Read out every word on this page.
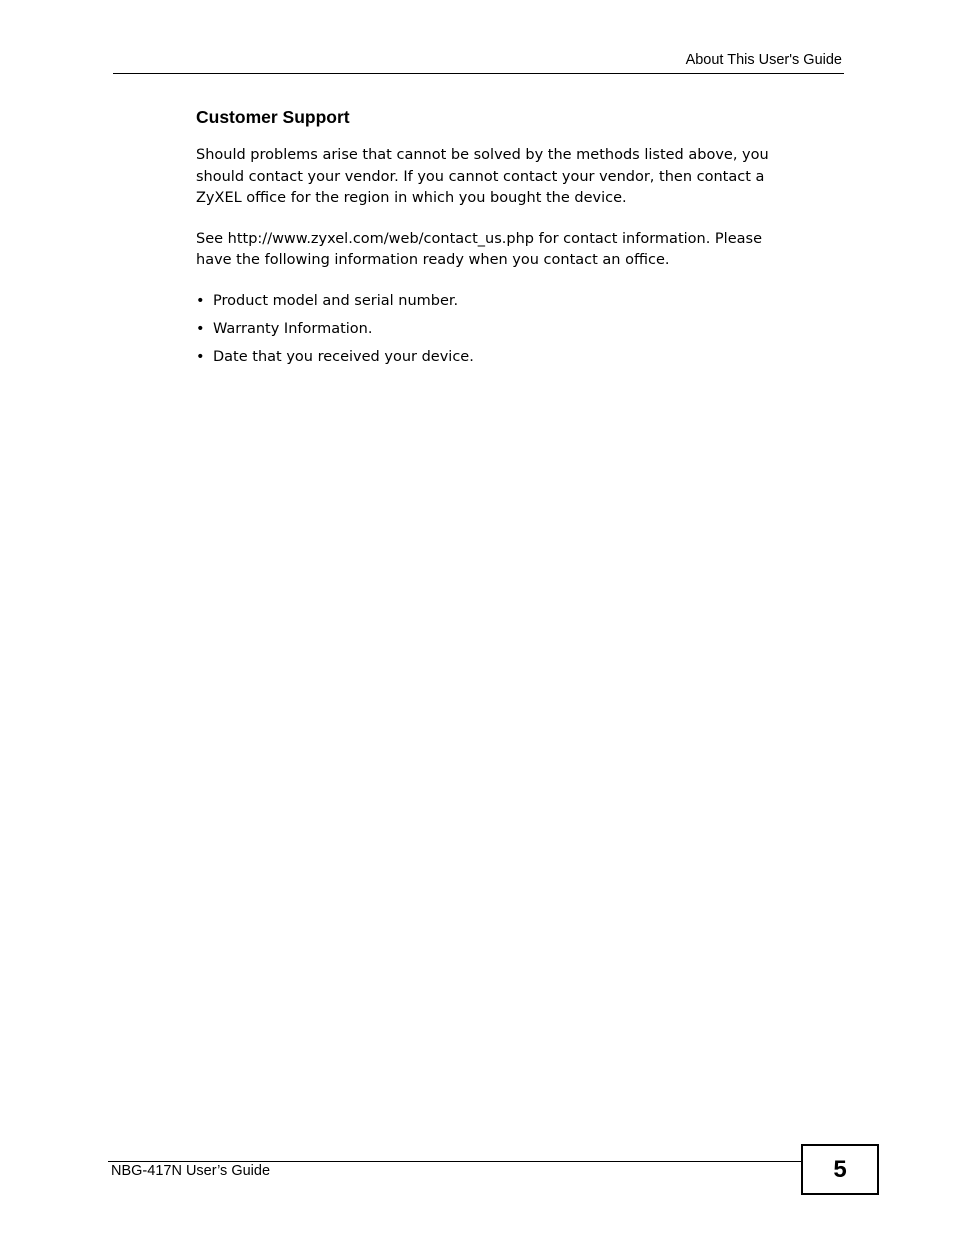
About This User's Guide
Customer Support

Should problems arise that cannot be solved by the methods listed above, you
should contact your vendor. If you cannot contact your vendor, then contact a
ZyXEL office for the region in which you bought the device.

See http://www.zyxel.com/web/contact_us.php for contact information. Please
have the following information ready when you contact an office.

• Product model and serial number.
• Warranty Information.
• Date that you received your device.
NBG-417N User’s Guide	5
